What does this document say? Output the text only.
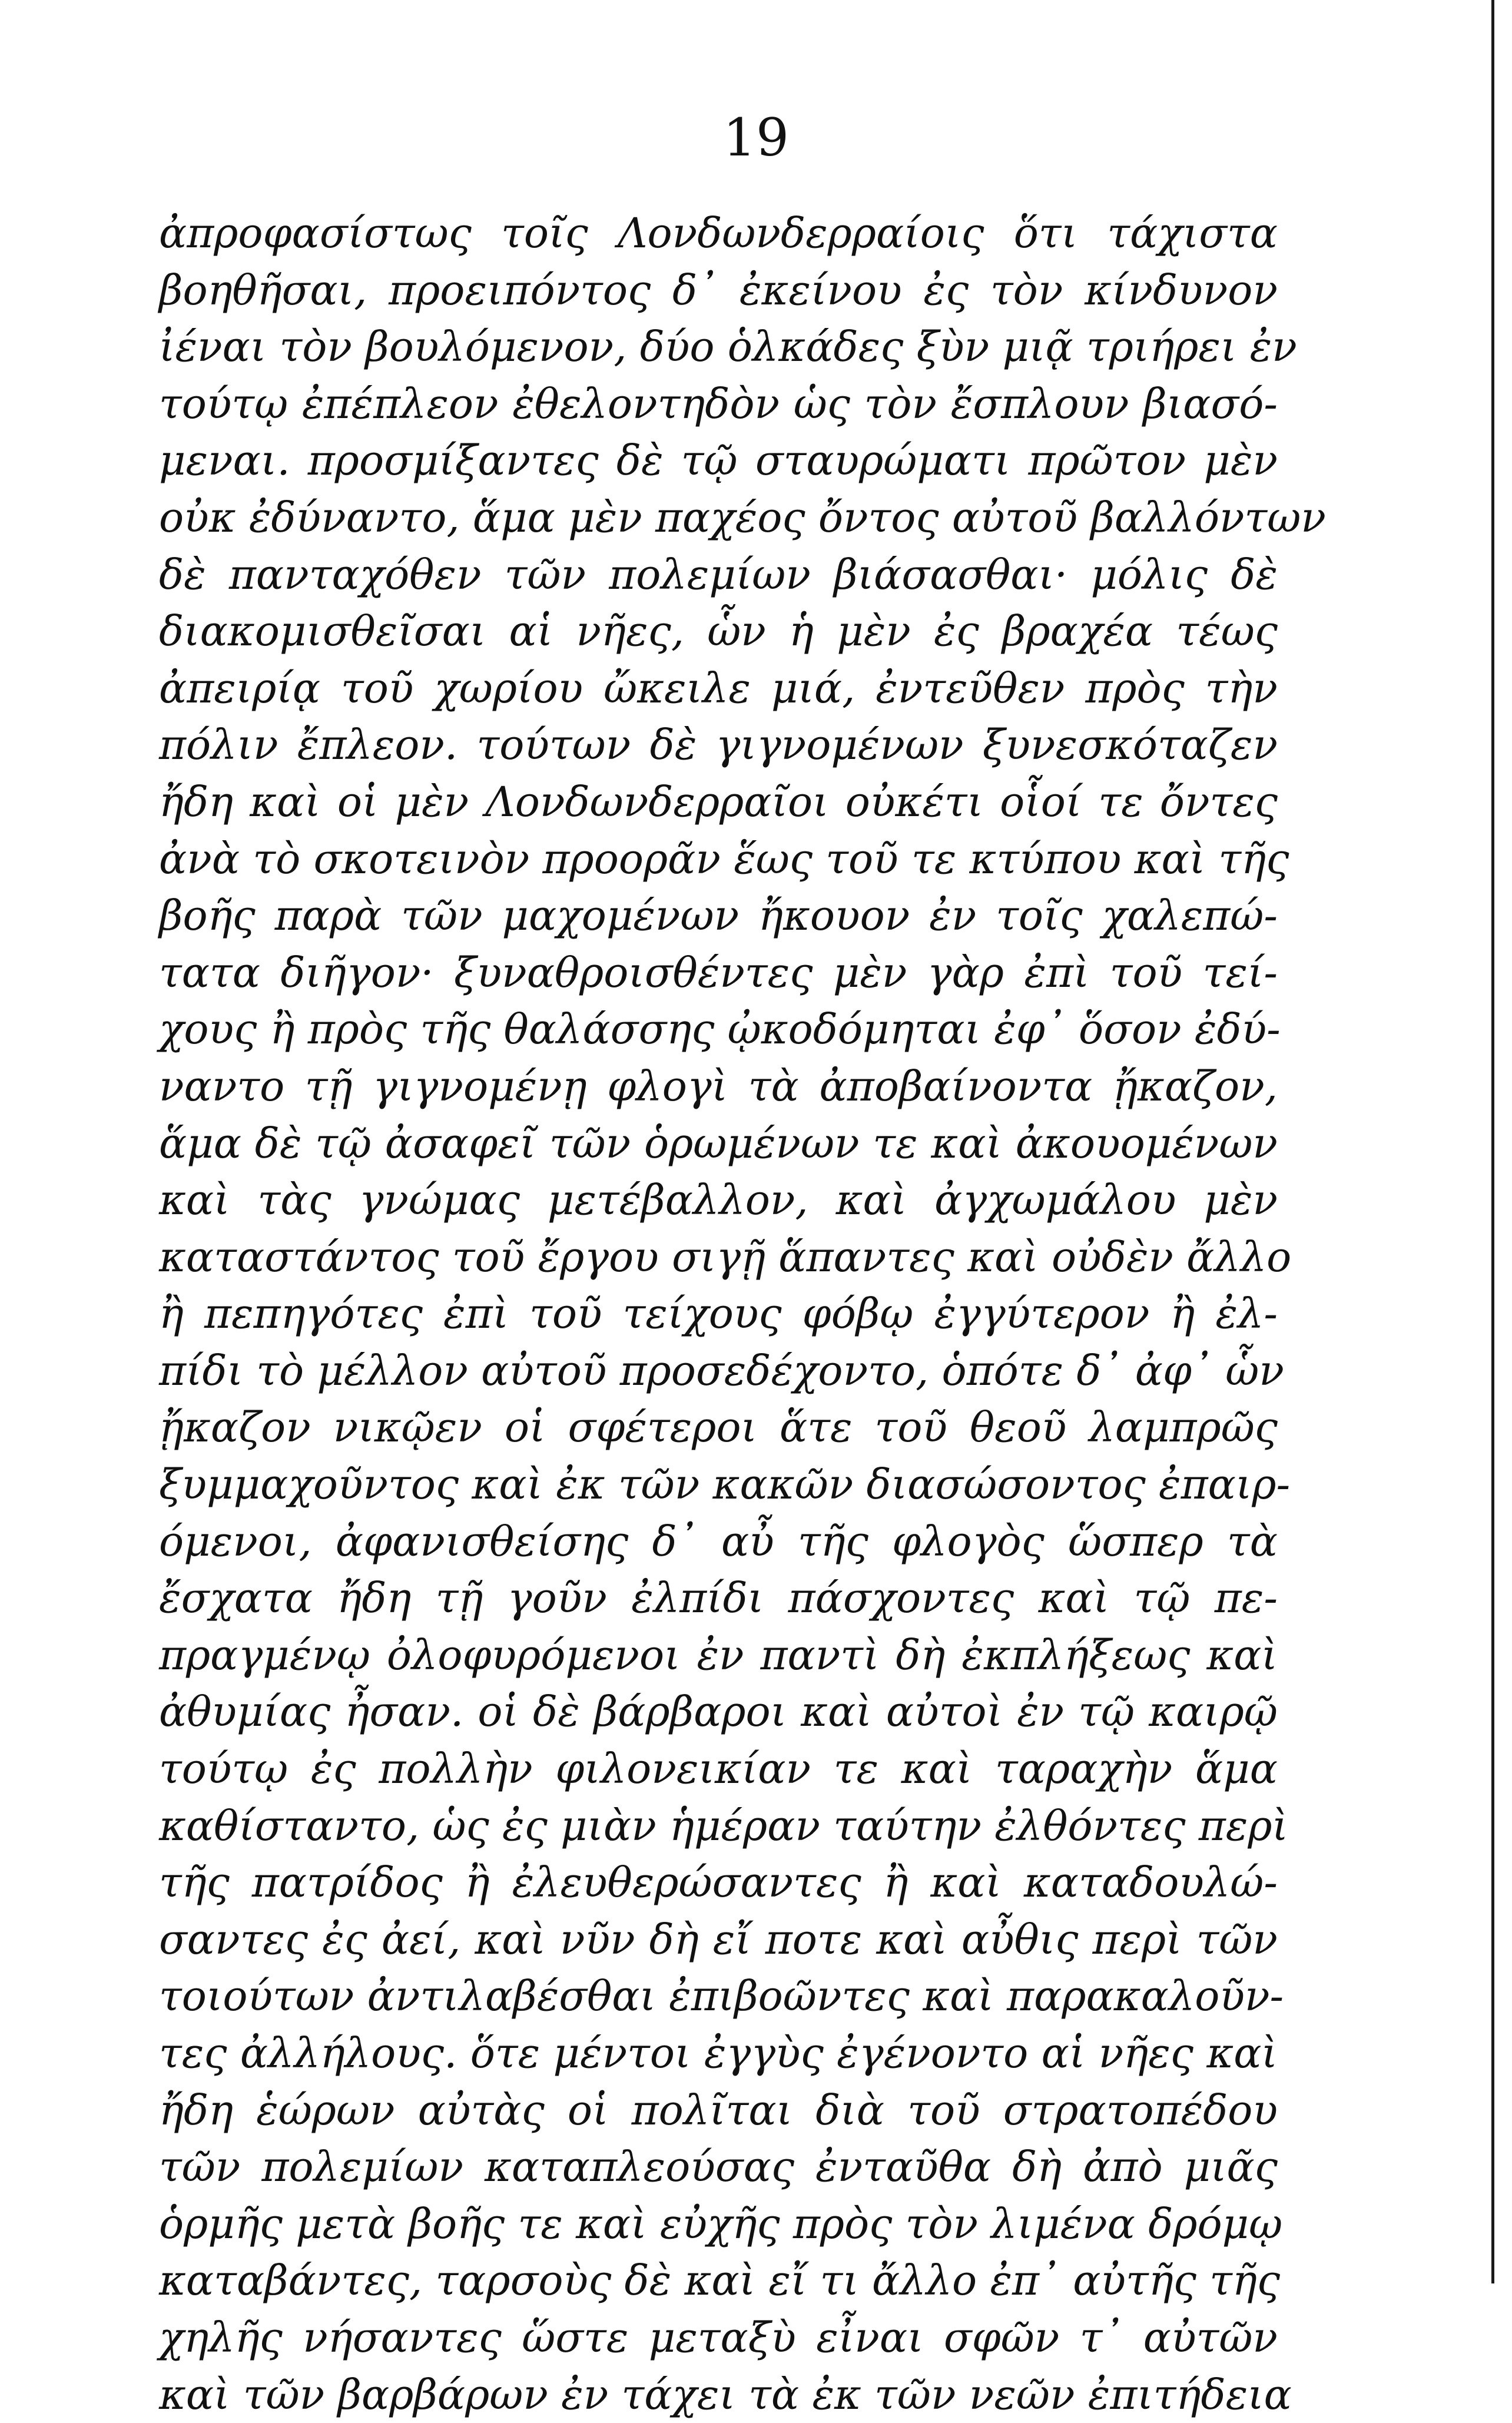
19
ἀπροφασίστως τοῖς Λονδωνδερραίοις ὅτι τάχιστα
βοηθῆσαι, προειπόντος δ᾽ ἐκείνου ἐς τὸν κίνδυνον
ἰέναι τὸν βουλόμενον, δύο ὁλκάδες ξὺν μιᾷ τριήρει ἐν
τούτῳ ἐπέπλεον ἐθελοντηδὸν ὡς τὸν ἔσπλουν βιασό-
μεναι. προσμίξαντες δὲ τῷ σταυρώματι πρῶτον μὲν
οὐκ ἐδύναντο, ἅμα μὲν παχέος ὄντος αὐτοῦ βαλλόντων
δὲ πανταχόθεν τῶν πολεμίων βιάσασθαι· μόλις δὲ
διακομισθεῖσαι αἱ νῆες, ὧν ἡ μὲν ἐς βραχέα τέως
ἀπειρίᾳ τοῦ χωρίου ὤκειλε μιά, ἐντεῦθεν πρὸς τὴν
πόλιν ἔπλεον. τούτων δὲ γιγνομένων ξυνεσκόταζεν
ἤδη καὶ οἱ μὲν Λονδωνδερραῖοι οὐκέτι οἷοί τε ὄντες
ἀνὰ τὸ σκοτεινὸν προορᾶν ἕως τοῦ τε κτύπου καὶ τῆς
βοῆς παρὰ τῶν μαχομένων ἤκουον ἐν τοῖς χαλεπώ-
τατα διῆγον· ξυναθροισθέντες μὲν γὰρ ἐπὶ τοῦ τεί-
χους ἢ πρὸς τῆς θαλάσσης ᾠκοδόμηται ἐφ᾽ ὅσον ἐδύ-
ναντο τῇ γιγνομένῃ φλογὶ τὰ ἀποβαίνοντα ᾔκαζον,
ἅμα δὲ τῷ ἀσαφεῖ τῶν ὁρωμένων τε καὶ ἀκουομένων
καὶ τὰς γνώμας μετέβαλλον, καὶ ἀγχωμάλου μὲν
καταστάντος τοῦ ἔργου σιγῇ ἅπαντες καὶ οὐδὲν ἄλλο
ἢ πεπηγότες ἐπὶ τοῦ τείχους φόβῳ ἐγγύτερον ἢ ἐλ-
πίδι τὸ μέλλον αὐτοῦ προσεδέχοντο, ὁπότε δ᾽ ἀφ᾽ ὧν
ᾔκαζον νικῷεν οἱ σφέτεροι ἅτε τοῦ θεοῦ λαμπρῶς
ξυμμαχοῦντος καὶ ἐκ τῶν κακῶν διασώσοντος ἐπαιρ-
όμενοι, ἀφανισθείσης δ᾽ αὖ τῆς φλογὸς ὥσπερ τὰ
ἔσχατα ἤδη τῇ γοῦν ἐλπίδι πάσχοντες καὶ τῷ πε-
πραγμένῳ ὀλοφυρόμενοι ἐν παντὶ δὴ ἐκπλήξεως καὶ
ἀθυμίας ἦσαν. οἱ δὲ βάρβαροι καὶ αὐτοὶ ἐν τῷ καιρῷ
τούτῳ ἐς πολλὴν φιλονεικίαν τε καὶ ταραχὴν ἅμα
καθίσταντο, ὡς ἐς μιὰν ἡμέραν ταύτην ἐλθόντες περὶ
τῆς πατρίδος ἢ ἐλευθερώσαντες ἢ καὶ καταδουλώ-
σαντες ἐς ἀεί, καὶ νῦν δὴ εἴ ποτε καὶ αὖθις περὶ τῶν
τοιούτων ἀντιλαβέσθαι ἐπιβοῶντες καὶ παρακαλοῦν-
τες ἀλλήλους. ὅτε μέντοι ἐγγὺς ἐγένοντο αἱ νῆες καὶ
ἤδη ἑώρων αὐτὰς οἱ πολῖται διὰ τοῦ στρατοπέδου
τῶν πολεμίων καταπλεούσας ἐνταῦθα δὴ ἀπὸ μιᾶς
ὁρμῆς μετὰ βοῆς τε καὶ εὐχῆς πρὸς τὸν λιμένα δρόμῳ
καταβάντες, ταρσοὺς δὲ καὶ εἴ τι ἄλλο ἐπ᾽ αὐτῆς τῆς
χηλῆς νήσαντες ὥστε μεταξὺ εἶναι σφῶν τ᾽ αὐτῶν
καὶ τῶν βαρβάρων ἐν τάχει τὰ ἐκ τῶν νεῶν ἐπιτήδεια
